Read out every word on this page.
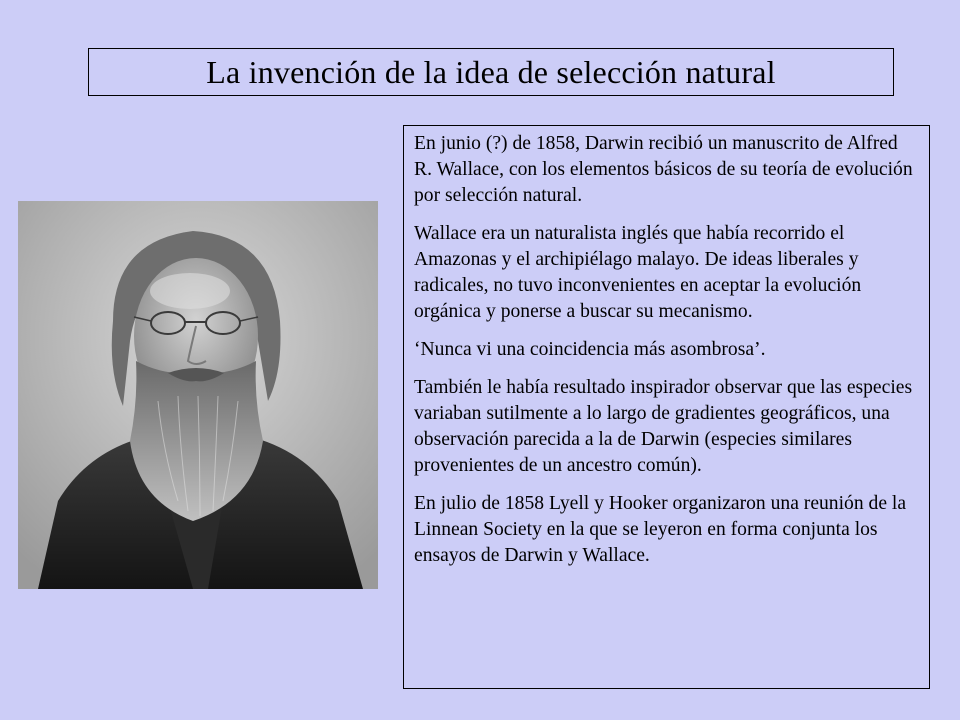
La invención de la idea de selección natural

En junio (?) de 1858, Darwin recibió un manuscrito de Alfred R. Wallace, con los elementos básicos de su teoría de evolución por selección natural.

Wallace era un naturalista inglés que había recorrido el Amazonas y el archipiélago malayo. De ideas liberales y radicales, no tuvo inconvenientes en aceptar la evolución orgánica y ponerse a buscar su mecanismo.

‘Nunca vi una coincidencia más asombrosa’.

También le había resultado inspirador observar que las especies variaban sutilmente a lo largo de gradientes geográficos, una observación parecida a la de Darwin (especies similares provenientes de un ancestro común).

En julio de 1858 Lyell y Hooker organizaron una reunión de la Linnean Society en la que se leyeron en forma conjunta los ensayos de Darwin y Wallace.
